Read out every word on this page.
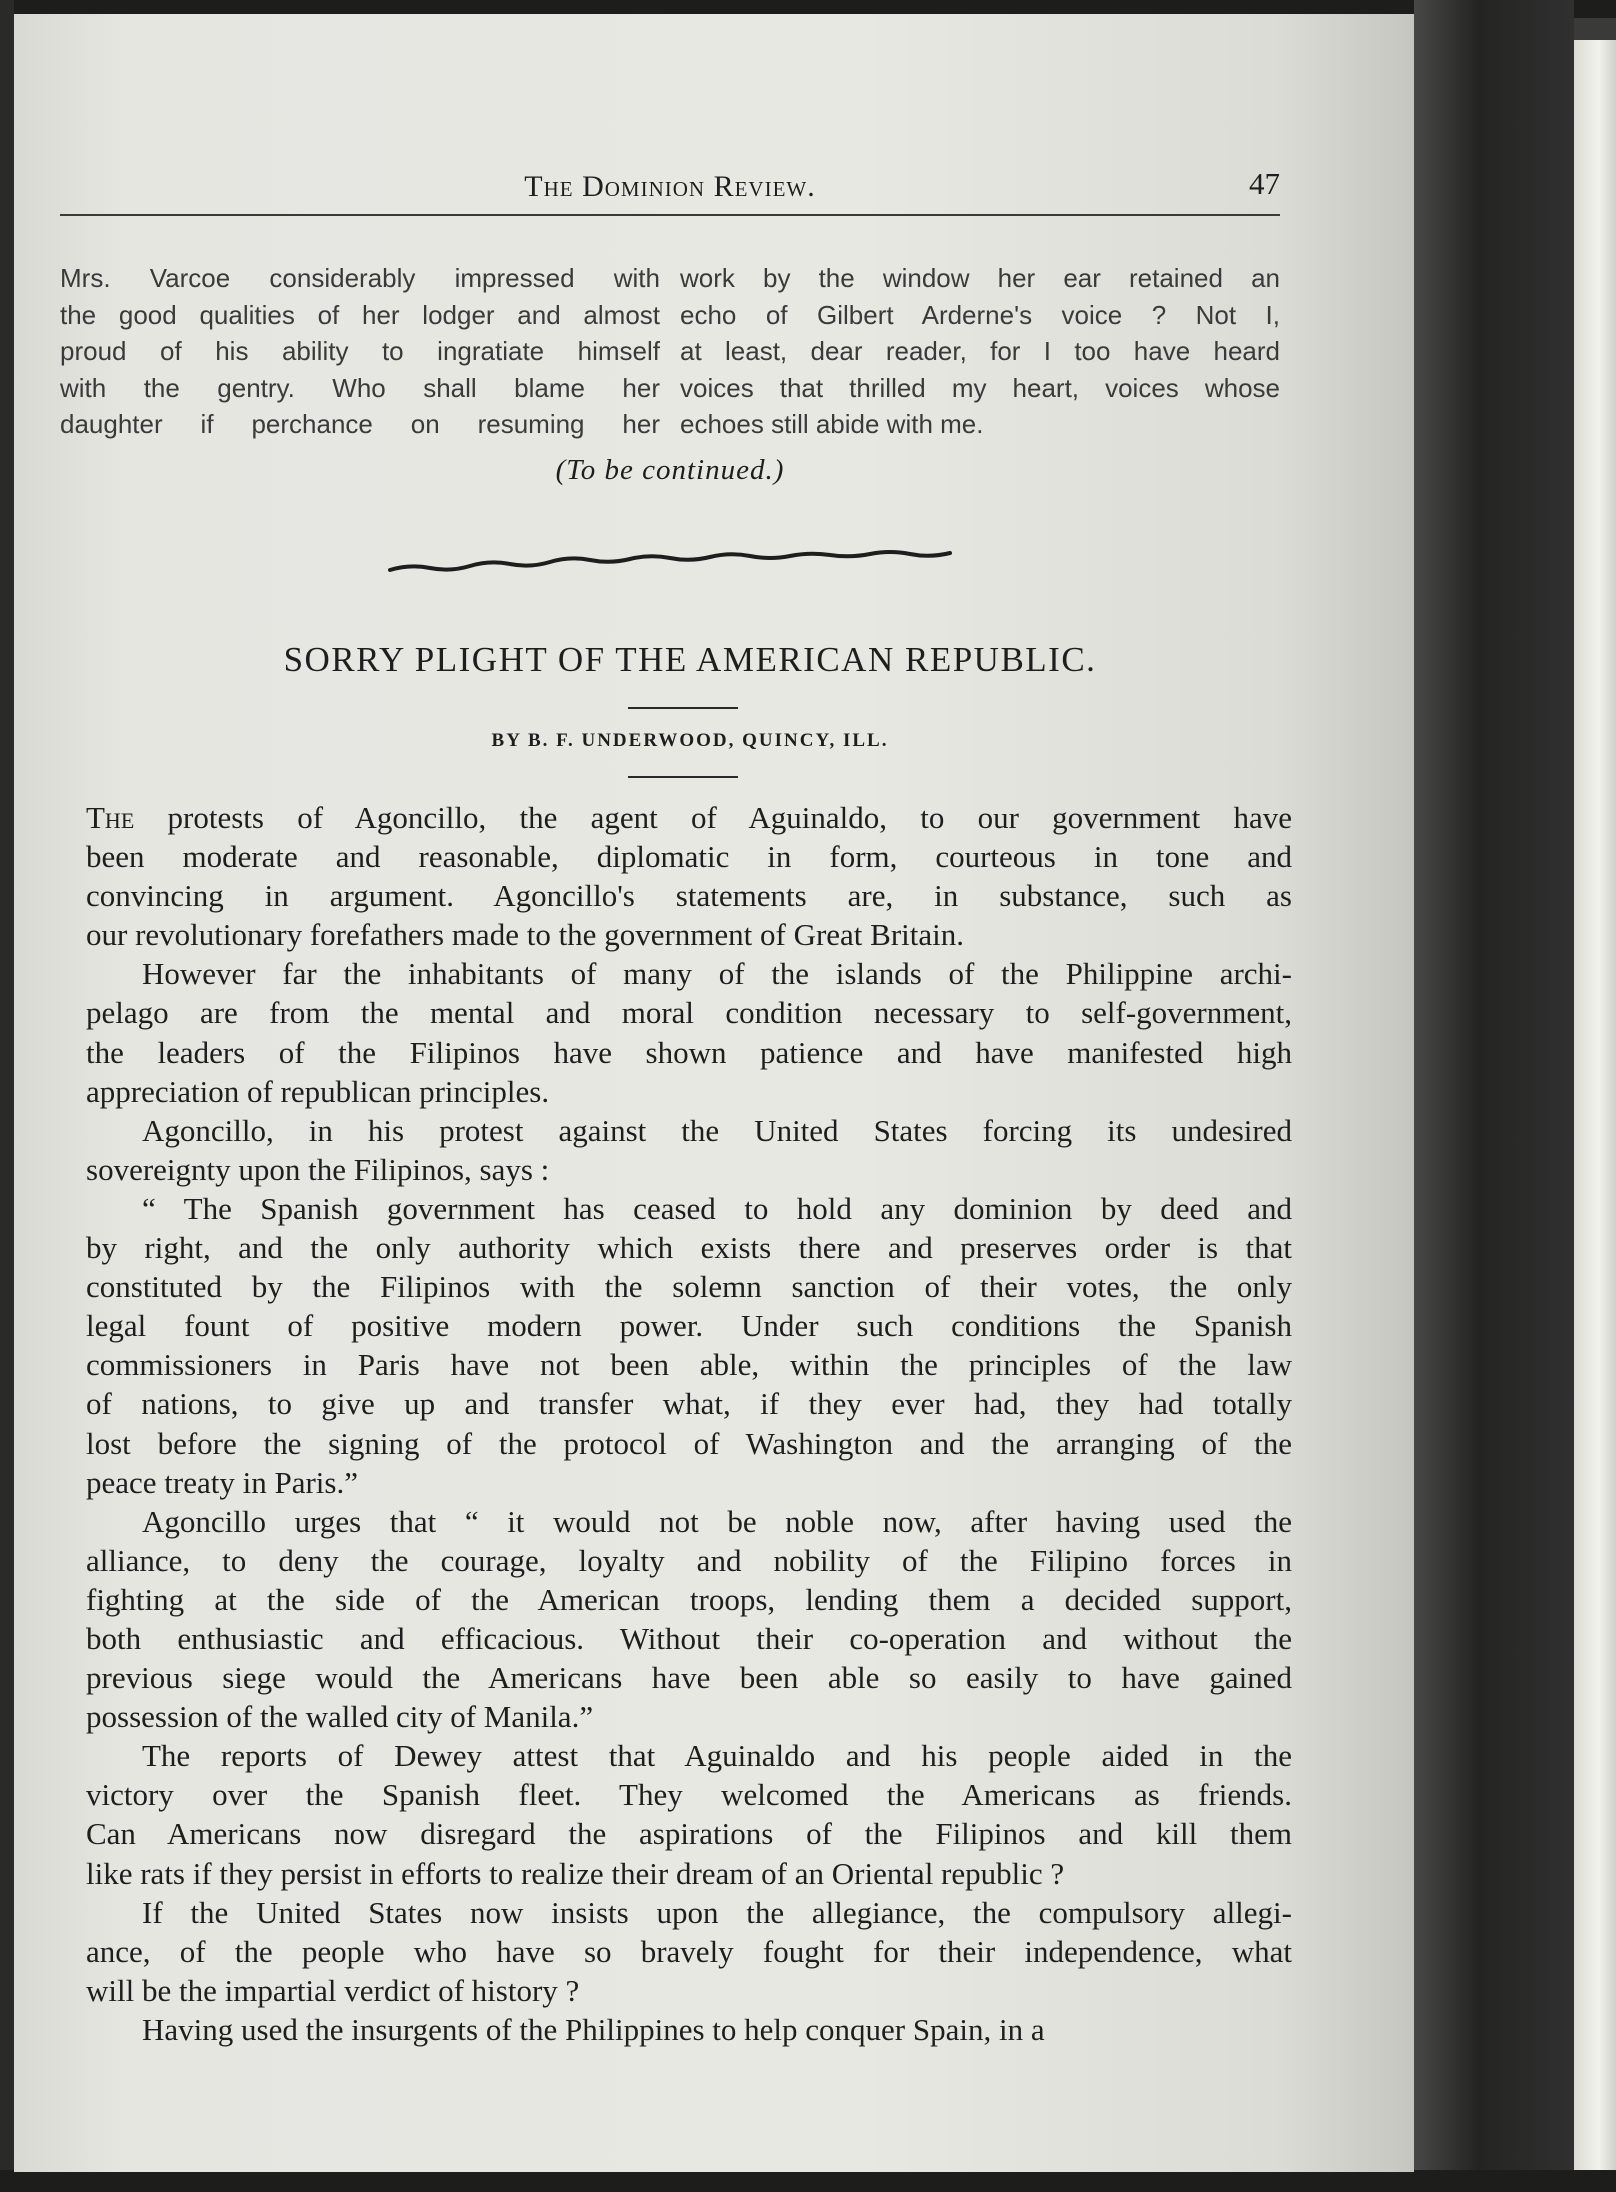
The Dominion Review.	47
Mrs. Varcoe considerably impressed with
the good qualities of her lodger and almost
proud of his ability to ingratiate himself
with the gentry. Who shall blame her
daughter if perchance on resuming her
work by the window her ear retained an
echo of Gilbert Arderne's voice ? Not I,
at least, dear reader, for I too have heard
voices that thrilled my heart, voices whose
echoes still abide with me.
(To be continued.)
SORRY PLIGHT OF THE AMERICAN REPUBLIC.
BY B. F. UNDERWOOD, QUINCY, ILL.
The protests of Agoncillo, the agent of Aguinaldo, to our government have
been moderate and reasonable, diplomatic in form, courteous in tone and
convincing in argument. Agoncillo's statements are, in substance, such as
our revolutionary forefathers made to the government of Great Britain.
However far the inhabitants of many of the islands of the Philippine archi-
pelago are from the mental and moral condition necessary to self-government,
the leaders of the Filipinos have shown patience and have manifested high
appreciation of republican principles.
Agoncillo, in his protest against the United States forcing its undesired
sovereignty upon the Filipinos, says :
“ The Spanish government has ceased to hold any dominion by deed and
by right, and the only authority which exists there and preserves order is that
constituted by the Filipinos with the solemn sanction of their votes, the only
legal fount of positive modern power. Under such conditions the Spanish
commissioners in Paris have not been able, within the principles of the law
of nations, to give up and transfer what, if they ever had, they had totally
lost before the signing of the protocol of Washington and the arranging of the
peace treaty in Paris.”
Agoncillo urges that “ it would not be noble now, after having used the
alliance, to deny the courage, loyalty and nobility of the Filipino forces in
fighting at the side of the American troops, lending them a decided support,
both enthusiastic and efficacious. Without their co-operation and without the
previous siege would the Americans have been able so easily to have gained
possession of the walled city of Manila.”
The reports of Dewey attest that Aguinaldo and his people aided in the
victory over the Spanish fleet. They welcomed the Americans as friends.
Can Americans now disregard the aspirations of the Filipinos and kill them
like rats if they persist in efforts to realize their dream of an Oriental republic ?
If the United States now insists upon the allegiance, the compulsory allegi-
ance, of the people who have so bravely fought for their independence, what
will be the impartial verdict of history ?
Having used the insurgents of the Philippines to help conquer Spain, in a
